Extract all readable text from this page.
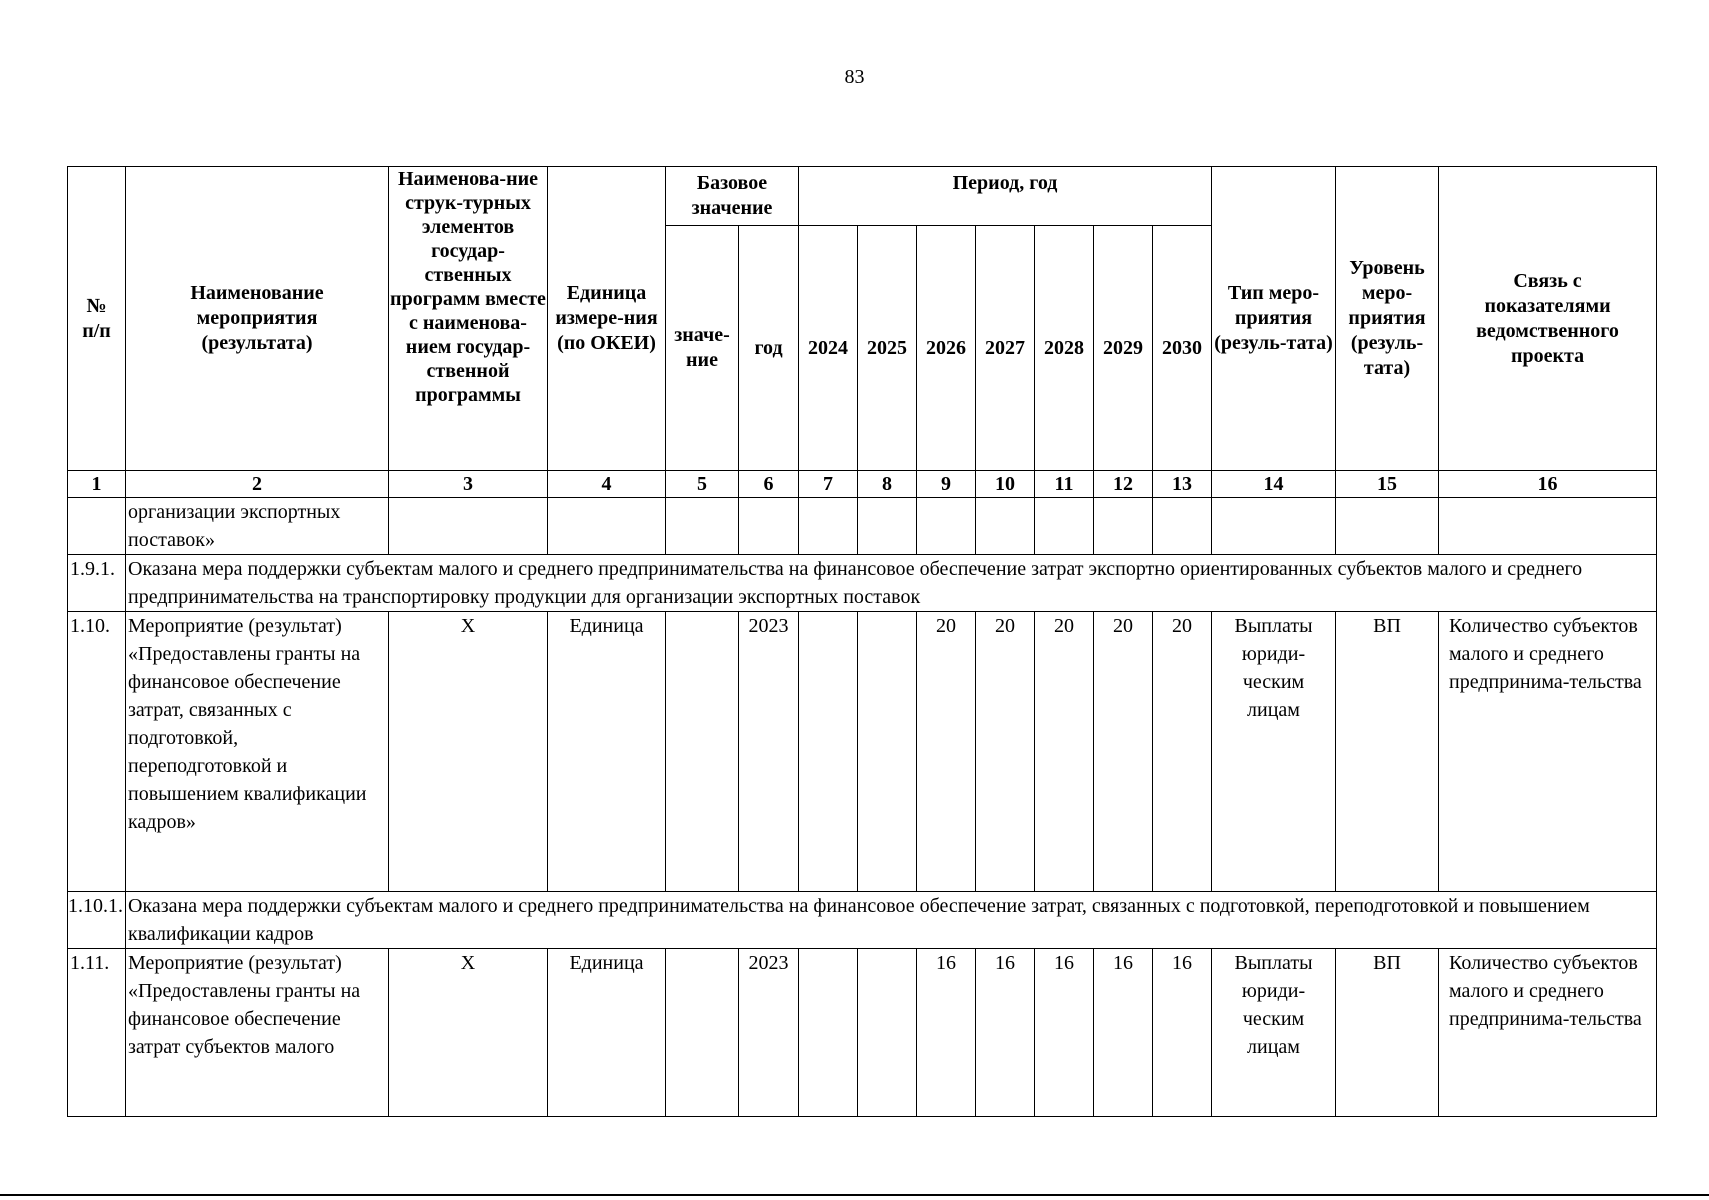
83
№
п/п	Наименование мероприятия (результата)	Наименова-ние струк-турных элементов государ-ственных программ вместе с наименова-нием государ-ственной программы	Единица измере-ния (по ОКЕИ)	Базовое значение		Период, год							Тип меро-приятия (резуль-тата)	Уровень меро-приятия (резуль-тата)	Связь с показателями ведомственного проекта
				значе-ние	год	2024	2025	2026	2027	2028	2029	2030			
1	2	3	4	5	6	7	8	9	10	11	12	13	14	15	16
	организации экспортных поставок»														
1.9.1.	Оказана мера поддержки субъектам малого и среднего предпринимательства на финансовое обеспечение затрат экспортно ориентированных субъектов малого и среднего предпринимательства на транспортировку продукции для организации экспортных поставок														
1.10.	Мероприятие (результат) «Предоставлены гранты на финансовое обеспечение затрат, связанных с подготовкой, переподготовкой и повышением квалификации кадров»	X	Единица		2023			20	20	20	20	20	Выплаты юриди-ческим лицам	ВП	Количество субъектов малого и среднего предпринима-тельства
1.10.1.	Оказана мера поддержки субъектам малого и среднего предпринимательства на финансовое обеспечение затрат, связанных с подготовкой, переподготовкой и повышением квалификации кадров														
1.11.	Мероприятие (результат) «Предоставлены гранты на финансовое обеспечение затрат субъектов малого	X	Единица		2023			16	16	16	16	16	Выплаты юриди-ческим лицам	ВП	Количество субъектов малого и среднего предпринима-тельства
